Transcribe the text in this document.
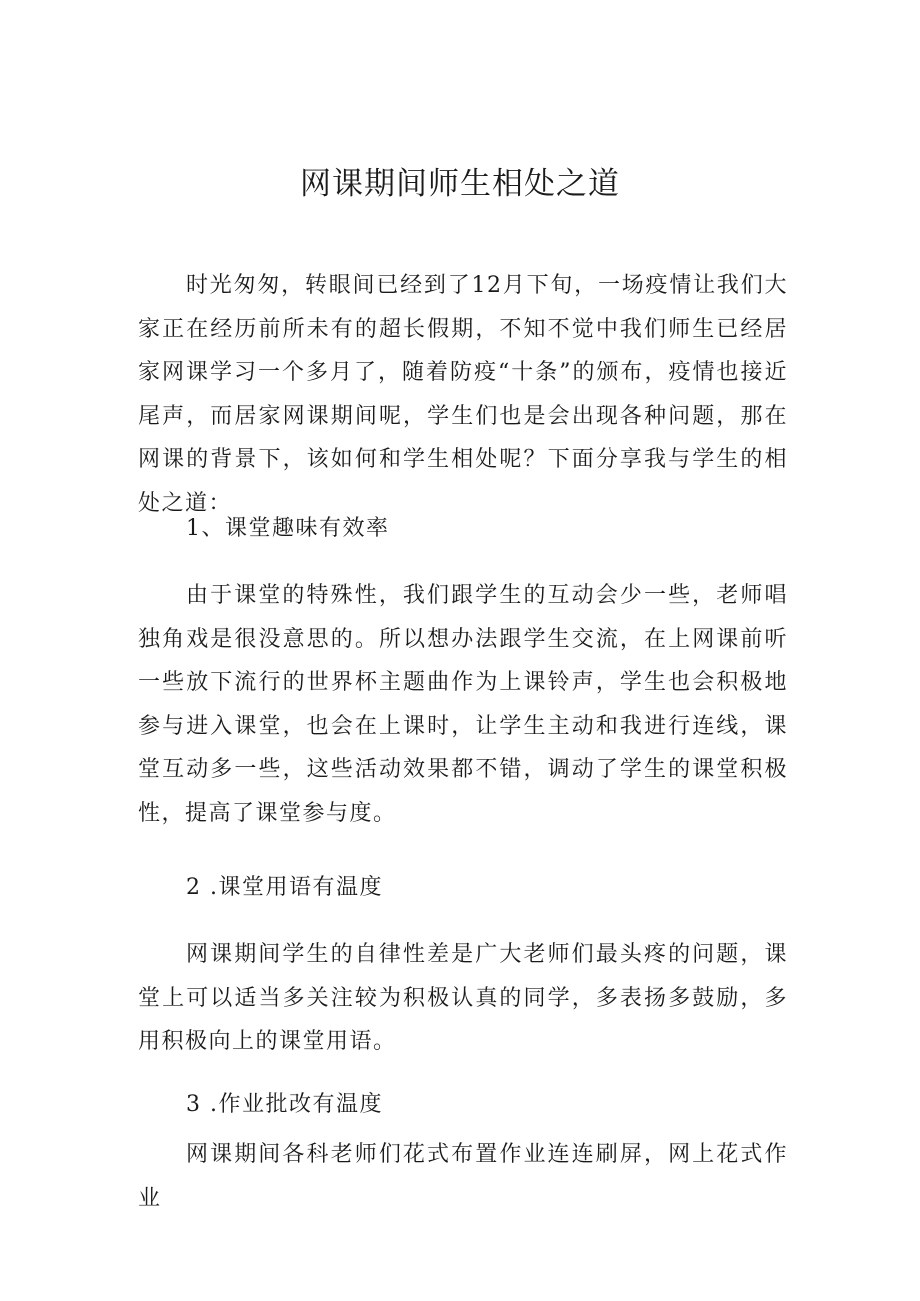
网课期间师生相处之道

时光匆匆，转眼间已经到了12月下旬，一场疫情让我们大家正在经历前所未有的超长假期，不知不觉中我们师生已经居家网课学习一个多月了，随着防疫“十条”的颁布，疫情也接近尾声，而居家网课期间呢，学生们也是会出现各种问题，那在网课的背景下，该如何和学生相处呢？下面分享我与学生的相处之道：

1、课堂趣味有效率

由于课堂的特殊性，我们跟学生的互动会少一些，老师唱独角戏是很没意思的。所以想办法跟学生交流，在上网课前听一些放下流行的世界杯主题曲作为上课铃声，学生也会积极地参与进入课堂，也会在上课时，让学生主动和我进行连线，课堂互动多一些，这些活动效果都不错，调动了学生的课堂积极性，提高了课堂参与度。

2 .课堂用语有温度

网课期间学生的自律性差是广大老师们最头疼的问题，课堂上可以适当多关注较为积极认真的同学，多表扬多鼓励，多用积极向上的课堂用语。

3 .作业批改有温度

网课期间各科老师们花式布置作业连连刷屏，网上花式作业
